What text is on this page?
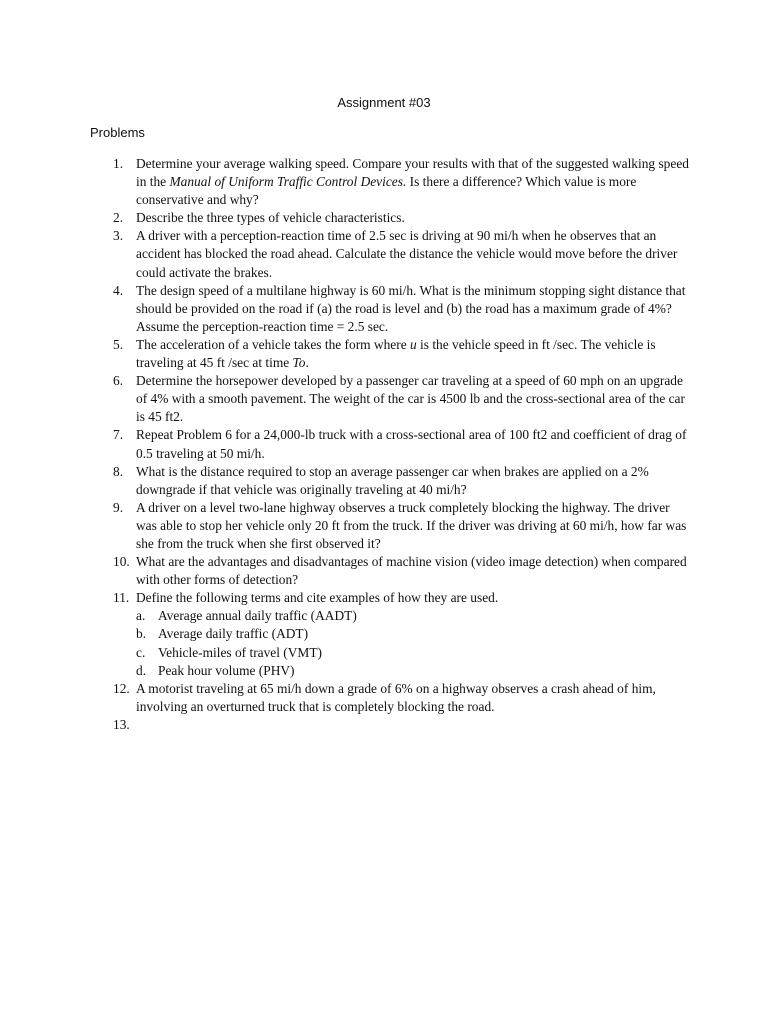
Assignment #03
Problems
1. Determine your average walking speed. Compare your results with that of the suggested walking speed in the Manual of Uniform Traffic Control Devices. Is there a difference? Which value is more conservative and why?
2. Describe the three types of vehicle characteristics.
3. A driver with a perception-reaction time of 2.5 sec is driving at 90 mi/h when he observes that an accident has blocked the road ahead. Calculate the distance the vehicle would move before the driver could activate the brakes.
4. The design speed of a multilane highway is 60 mi/h. What is the minimum stopping sight distance that should be provided on the road if (a) the road is level and (b) the road has a maximum grade of 4%? Assume the perception-reaction time = 2.5 sec.
5. The acceleration of a vehicle takes the form where u is the vehicle speed in ft /sec. The vehicle is traveling at 45 ft /sec at time To.
6. Determine the horsepower developed by a passenger car traveling at a speed of 60 mph on an upgrade of 4% with a smooth pavement. The weight of the car is 4500 lb and the cross-sectional area of the car is 45 ft2.
7. Repeat Problem 6 for a 24,000-lb truck with a cross-sectional area of 100 ft2 and coefficient of drag of 0.5 traveling at 50 mi/h.
8. What is the distance required to stop an average passenger car when brakes are applied on a 2% downgrade if that vehicle was originally traveling at 40 mi/h?
9. A driver on a level two-lane highway observes a truck completely blocking the highway. The driver was able to stop her vehicle only 20 ft from the truck. If the driver was driving at 60 mi/h, how far was she from the truck when she first observed it?
10. What are the advantages and disadvantages of machine vision (video image detection) when compared with other forms of detection?
11. Define the following terms and cite examples of how they are used.
a. Average annual daily traffic (AADT)
b. Average daily traffic (ADT)
c. Vehicle-miles of travel (VMT)
d. Peak hour volume (PHV)
12. A motorist traveling at 65 mi/h down a grade of 6% on a highway observes a crash ahead of him, involving an overturned truck that is completely blocking the road.
13.
